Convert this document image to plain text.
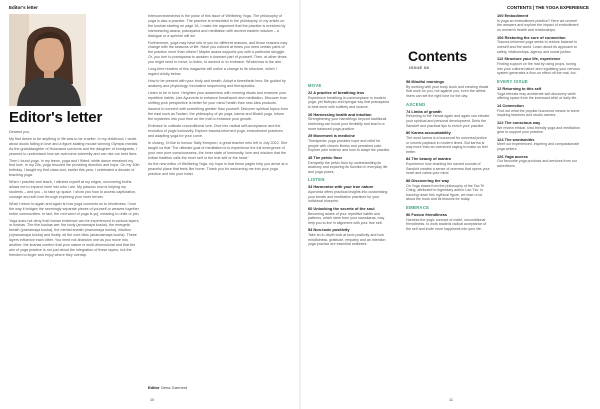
Editor's letter	CONTENTS | THE YOGA EXPERIENCE
Editor's letter

Dearest you,

My first desire to be anything in life was to be a writer. In my childhood, I wrote about ducks falling in love and a figure skating mouse winning Olympic medals. As the granddaughter of Holocaust survivors and the daughter of immigrants, I yearned to understand how we overcome adversity and can rise our best lives.

Then I found yoga. In my teens, yoga and I flirted: white dance remained my first love. In my 20s, yoga rescued me providing direction and hope. On my 30th birthday, I taught my first class and, earlier this year, I celebrated a decade of teaching yoga.

When I practise and teach, I witness myself at my edges, uncovering truths allows me to expand more into who I am. My passion now is helping my students – and you – to take up space. I show you how to access capitulation, courage and self-love through exploring your inner terrain.

What I return to again and again is how yoga connects us to wholeness. I love the way it bridges the seemingly separate pieces of yourself or weaves together entire communities. In fact, the root word of yoga is yuj, meaning to unite or join.

Yoga does not deny that human existence can be experienced in various layers, or koshas. The five koshas are: the body (annamaya kosha), the energetic breath (pranamaya kosha), the mental sheath (manomaya kosha), intuition (vijnanamaya kosha) and finally, all the core bliss (anandamaya kosha). These layers influence each other. You need not abandon one as you move into another: the koshas confirm that your nature is multi-dimensional and that the aim of yoga practice is not just about the integration of these layers, but the freedom to linger and enjoy where they overlap.

Interconnectedness is the pulse of this issue of Wellbeing Yoga. The philosophy of yoga is also a practice. The practice is embedded in the philosophy. In my article on the koshas starting on page 16, I make the argument that the practice is enriched by interweaving asana, pranayama and meditation with ancient eastern wisdom – a dialogue or a sprinkle will do!

Furthermore, yoga may have lots of you for different reasons, and those reasons may change with the seasons of life. Have you noticed at times you need certain parts of the practice more than others? Maybe asana supports you with a particular struggle. Or, you turn to pranayama to awaken a dormant part of yourself. Then, at other times, you might need to move, to listen, to ascend or to embrace. Wholeness is the aim.

Long-time readers of this magazine will notice a change to its structure, which I regard vividly below.

How to be present with your body and breath. Adopt a kinesthetic lens. Be guided by anatomy and physiology, innovative sequencing and therapeutics.

Listen to be in tune. Heighten your awareness with morning rituals and examine your repetitive habits. Use Ayurveda to enhance breathwork and meditation. Discover how shifting your perspective is better for your mind/ health than new-idea products.

Ascend to connect with something greater than yourself. Discover spiritual topics from the east such as Taoism, the philosophy of yin yoga, karma and Bhakti yoga. Infuse the mysteries into your time on the mat to enhance your growth.

Embrace to cultivate unconditional love. Dive into radical self-acceptance and the evolution of yogic inclusivity. Explore trauma-informed yoga, embodiment practices and adapting yoga for your curve.

In closing, I'd like to honour Sally Kempton, a great teacher who left in July 2022. She taught us that 'The ultimate goal of meditation is to experience the full emergence of your own pure consciousness, the inner state of luminosity, love and wisdom that the Indian tradition calls the inner self or the true self or the heart.'

As the new editor of Wellbeing Yoga, my hope is that these pages help you arrive at a peaceful place that feels like home. Thank you for welcoming me into your yoga practice and into your heart.

Editor Gena Garment
10	11
Contents
ISSUE 08
MOVE
22 A practice of breathing less
Experience breathing is commonplace in modern yoga, yet Buteyko and Iyengar say that pranayama is best done with subtlety and nuance.
26 Harnessing health and intuition
Strengthening your hamstrings beyond traditional stretching can boost your flexibility and lead to a more balanced yoga practice.
29 Movement is medicine
Therapeutic yoga provides hope and relief for people with chronic illness and persistent pain. Explore pain science and how to adapt the practice.
45 The pelvic floor
Demystify the pelvic floor by understanding its anatomy and exploring its function in everyday life and yoga poses.
LISTEN
34 Harmonise with your true nature
Ayurveda offers practical insights into customising your breath and meditation practices for your individual blueprint.
60 Unlocking the secrets of the soul
Becoming aware of your repetitive habits and patterns, which stem from your samskaras, may help you to live in alignment with your true self.
54 Non-toxic positivity
Take an in-depth look at toxic positivity and how mindfulness, gratitude, empathy and an intention yoga practice are essential antidotes.
58 Mindful mornings
By working with your body clock and creating rituals that work for you, not against you, even the wiliest risers can set the right tone for the day.
ASCEND
74 Limbs of growth
Returning to the Yamas again and again can elevate your spiritual and personal development. Drink the Sanskrit and practical tips to enrich your practice.
80 Karma accountability
The word karma is a buzzword for universal justice or cosmic payback in modern times. But karma is way more than an oversized saying to make us feel better.
84 The beauty of mantra
Experience how chanting the sacred sounds of Sanskrit creates a sense of oneness that opens your heart and calms your mind.
88 Discovering the way
On Yoga draws from the philosophy of the Tao Te Ching, attributed to legendary author Lao Tzu. In tracking down this mythical figure, we learn a lot about the book and its lessons for today.
EMBRACE
96 Fusion friendliness
Harness the yogic concept of maitri, unconditional friendliness, to work towards radical acceptance of the self and invite more happiness into your life.
100 Embodiment
Is yoga an embodiment practice? Here we unravel the answers and explore the impact of embodiment on women's health and relationships.
106 Restoring the core of connection
Trauma-informed yoga seeks to restore balance in oneself and the world. Learn about its approach to safety, relationships, agency and social justice.
112 Structure your life, experience
Finding support on the mat by using props, tuning into your cultural nature and regulating your nervous system generates a flow-on effect off the mat, too.
EVERY ISSUE
12 Returning to this self
Yoga retreats may accelerate self-discovery while offering space from the incessant whirl of daily life.
14 Connection
Find out what the popular buzzword means to some inspiring teachers and studio owners.
122 The conscious way
We review ethical, kind-friendly yoga and meditation gear to support your practice.
124 The wordsmiths
Meet our experienced, inspiring and compassionate yoga writers.
126 Yoga access
Our favourite yoga products and services from our advertisers.
